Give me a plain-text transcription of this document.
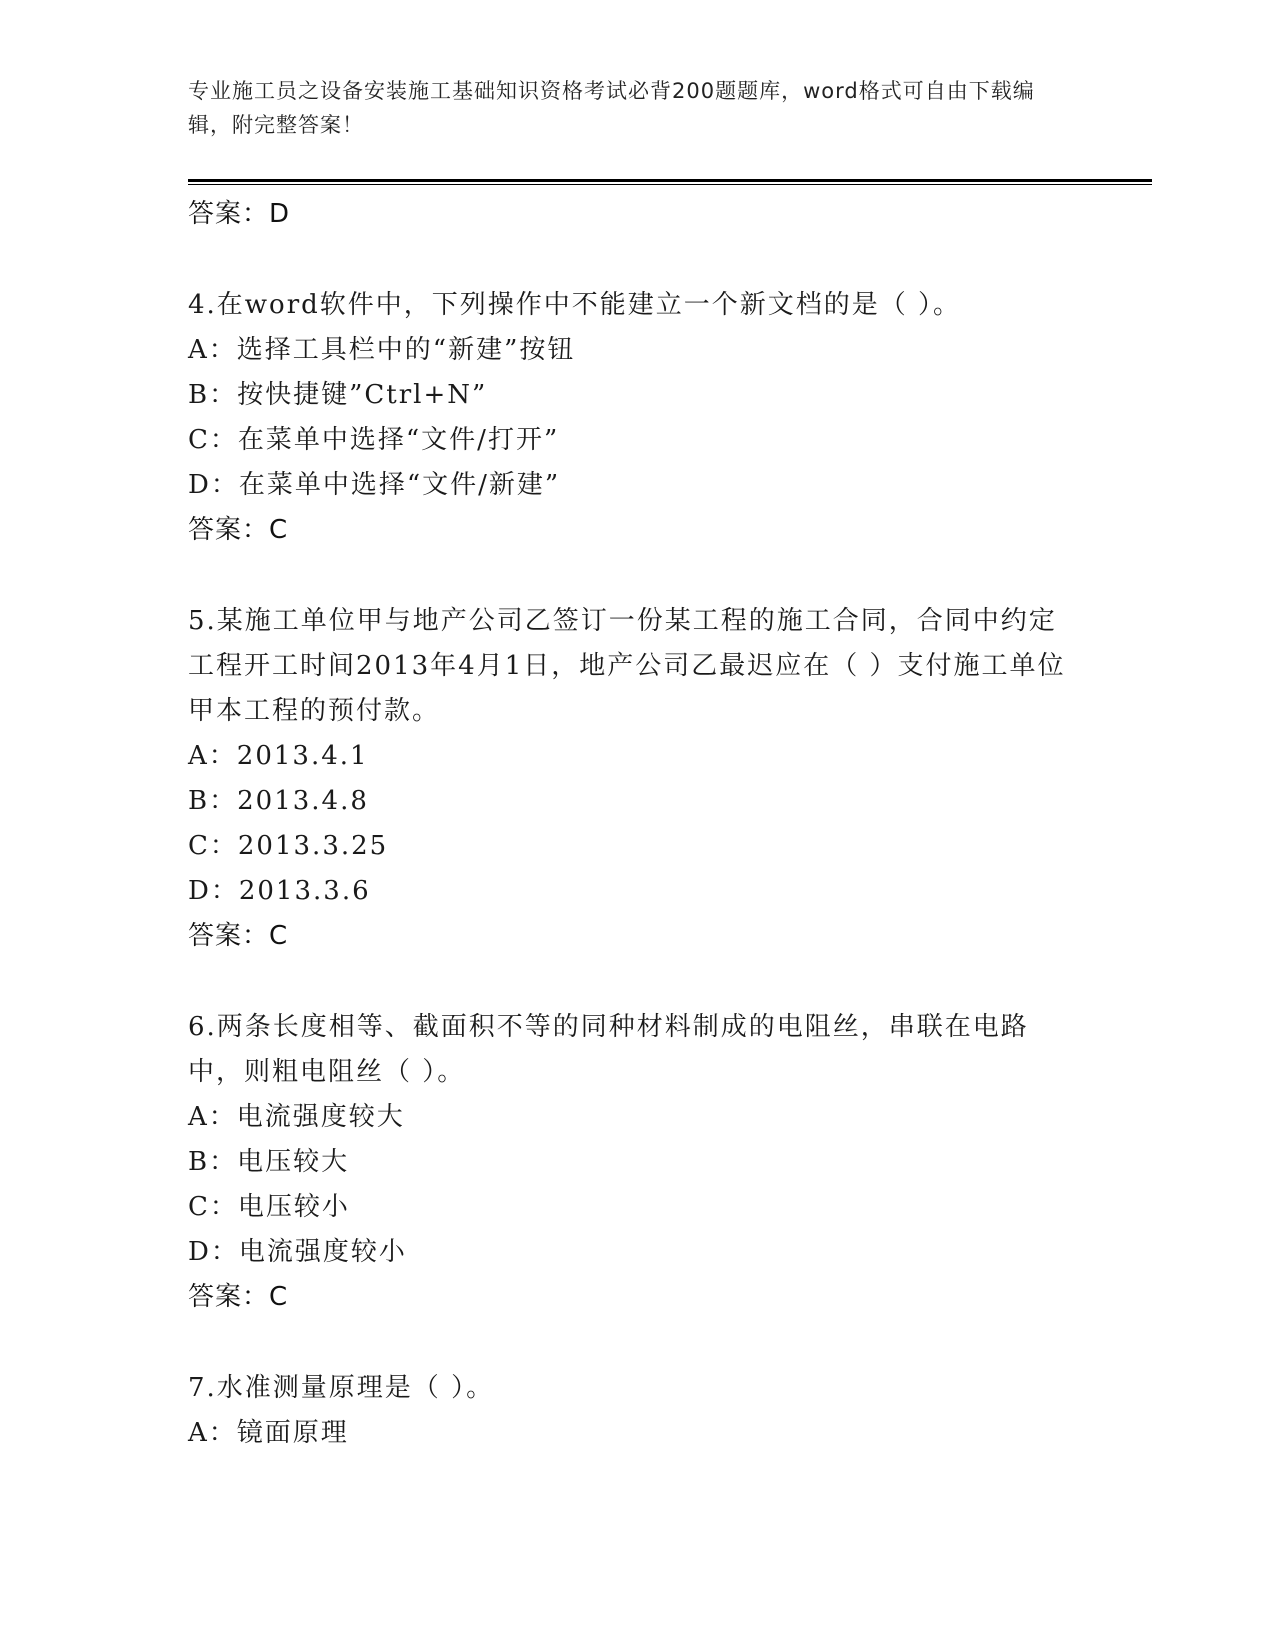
专业施工员之设备安装施工基础知识资格考试必背200题题库，word格式可自由下载编辑，附完整答案！
答案：D
4.在word软件中，下列操作中不能建立一个新文档的是（ ）。
A：选择工具栏中的“新建”按钮
B：按快捷键”Ctrl+N”
C：在菜单中选择“文件/打开”
D：在菜单中选择“文件/新建”
答案：C
5.某施工单位甲与地产公司乙签订一份某工程的施工合同，合同中约定工程开工时间2013年4月1日，地产公司乙最迟应在（ ）支付施工单位甲本工程的预付款。
A：2013.4.1
B：2013.4.8
C：2013.3.25
D：2013.3.6
答案：C
6.两条长度相等、截面积不等的同种材料制成的电阻丝，串联在电路中，则粗电阻丝（ ）。
A：电流强度较大
B：电压较大
C：电压较小
D：电流强度较小
答案：C
7.水准测量原理是（ ）。
A：镜面原理
